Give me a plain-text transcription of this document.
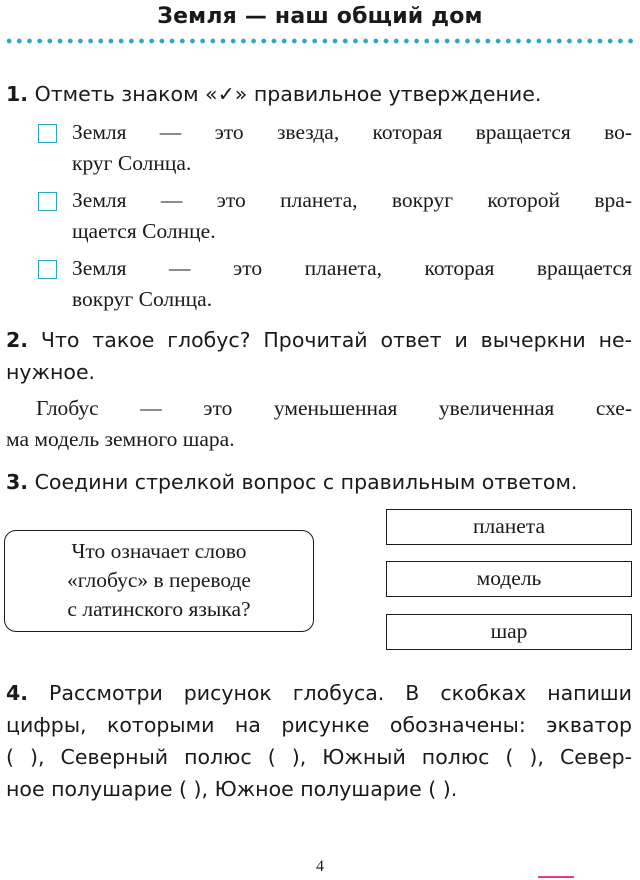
Земля — наш общий дом
1. Отметь знаком «✓» правильное утверждение.
Земля — это звезда, которая вращается во-
круг Солнца.
Земля — это планета, вокруг которой вра-
щается Солнце.
Земля — это планета, которая вращается
вокруг Солнца.
2. Что такое глобус? Прочитай ответ и вычеркни не-
нужное.
Глобус — это уменьшенная увеличенная схе-
ма модель земного шара.
3. Соедини стрелкой вопрос с правильным ответом.
Что означает слово
«глобус» в переводе
с латинского языка?
планета
модель
шар
4. Рассмотри рисунок глобуса. В скобках напиши
цифры, которыми на рисунке обозначены: экватор
( ), Северный полюс ( ), Южный полюс ( ), Север-
ное полушарие ( ), Южное полушарие ( ).
4
